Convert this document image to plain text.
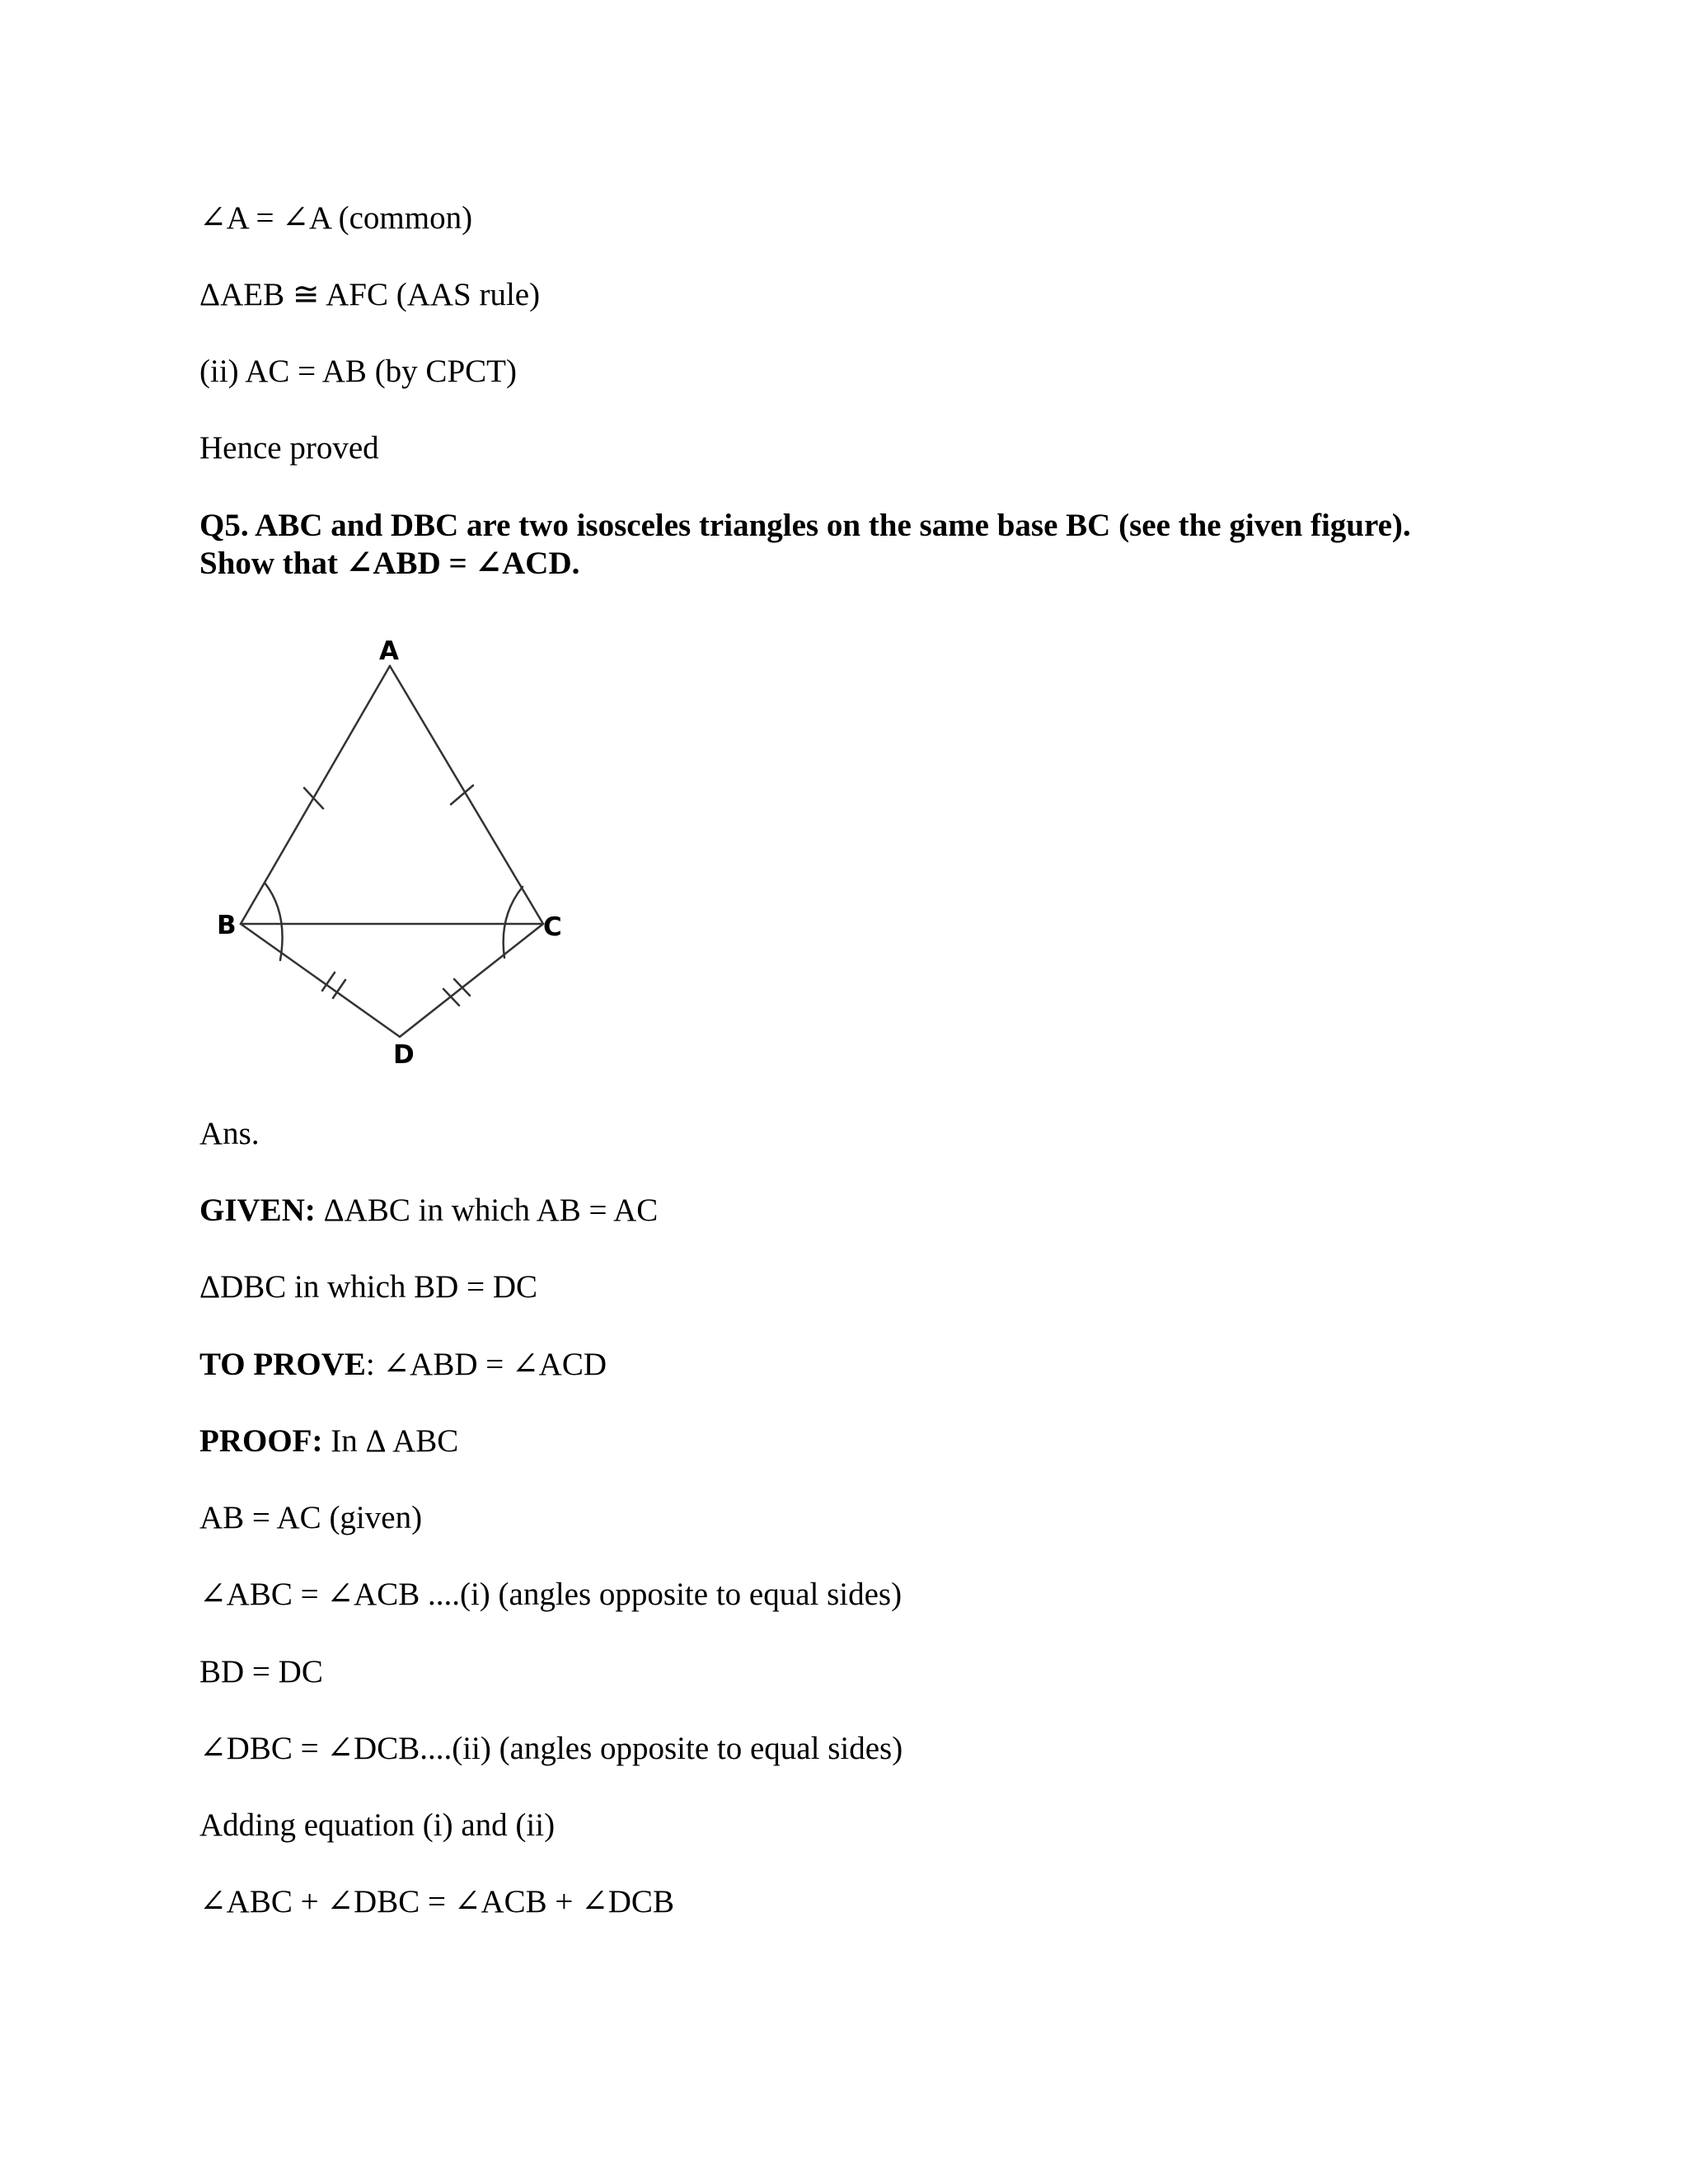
∠A = ∠A (common)
ΔAEB ≅ AFC (AAS rule)
(ii) AC = AB (by CPCT)
Hence proved
Q5. ABC and DBC are two isosceles triangles on the same base BC (see the given figure).
Show that ∠ABD = ∠ACD.
A
B	C
D
Ans.
GIVEN: ΔABC in which AB = AC
ΔDBC in which BD = DC
TO PROVE: ∠ABD = ∠ACD
PROOF: In Δ ABC
AB = AC (given)
∠ABC = ∠ACB ....(i) (angles opposite to equal sides)
BD = DC
∠DBC = ∠DCB....(ii) (angles opposite to equal sides)
Adding equation (i) and (ii)
∠ABC + ∠DBC = ∠ACB + ∠DCB
